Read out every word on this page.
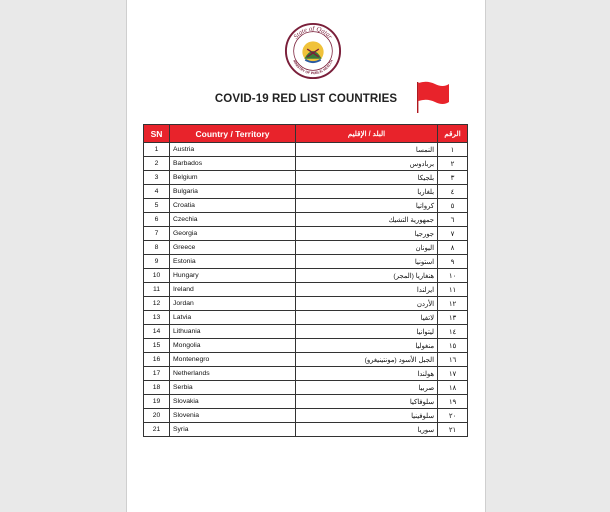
State of Qatar
MINISTRY OF PUBLIC HEALTH
COVID-19 RED LIST COUNTRIES
SN	Country / Territory	البلد / الإقليم	الرقم
1	Austria	النمسا	١
2	Barbados	بربادوس	٢
3	Belgium	بلجيكا	٣
4	Bulgaria	بلغاريا	٤
5	Croatia	كرواتيا	٥
6	Czechia	جمهورية التشيك	٦
7	Georgia	جورجيا	٧
8	Greece	اليونان	٨
9	Estonia	استونيا	٩
10	Hungary	هنغاريا (المجر)	١٠
11	Ireland	ايرلندا	١١
12	Jordan	الأردن	١٢
13	Latvia	لاتفيا	١٣
14	Lithuania	ليتوانيا	١٤
15	Mongolia	منغوليا	١٥
16	Montenegro	الجبل الأسود (مونتينيغرو)	١٦
17	Netherlands	هولندا	١٧
18	Serbia	صربيا	١٨
19	Slovakia	سلوفاكيا	١٩
20	Slovenia	سلوفينيا	٢٠
21	Syria	سوريا	٢١
